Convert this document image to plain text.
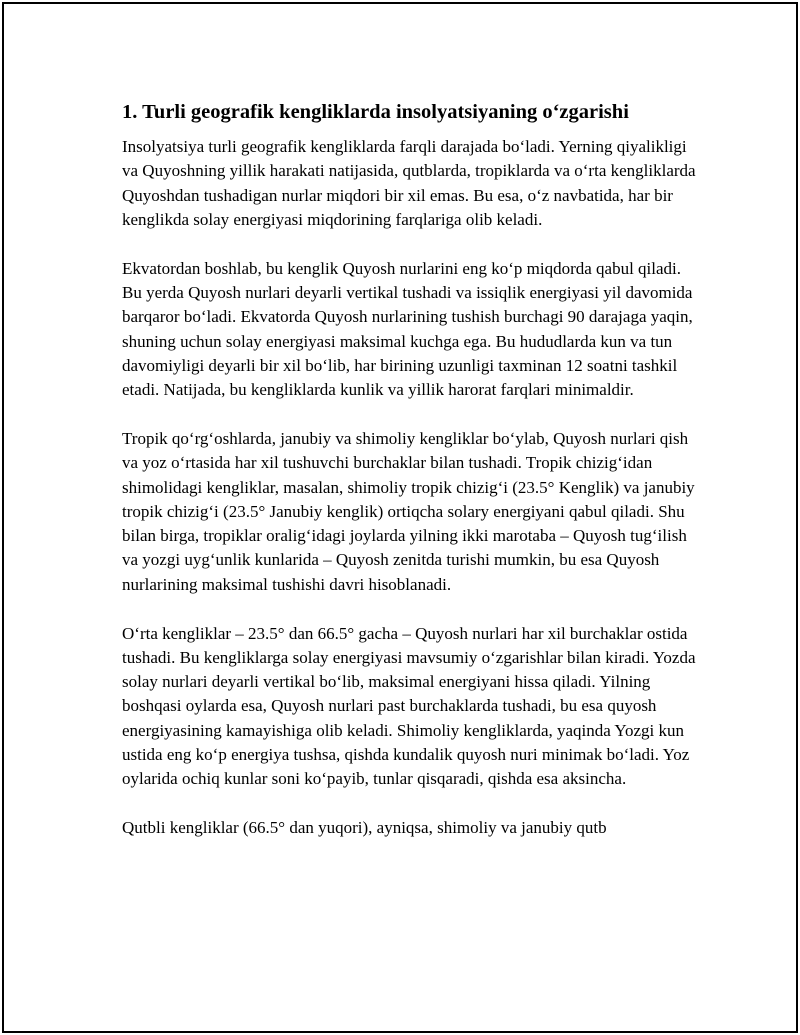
1. Turli geografik kengliklarda insolyatsiyaning o‘zgarishi

Insolyatsiya turli geografik kengliklarda farqli darajada bo‘ladi. Yerning qiyalikligi va Quyoshning yillik harakati natijasida, qutblarda, tropiklarda va o‘rta kengliklarda Quyoshdan tushadigan nurlar miqdori bir xil emas. Bu esa, o‘z navbatida, har bir kenglikda solay energiyasi miqdorining farqlariga olib keladi.

Ekvatordan boshlab, bu kenglik Quyosh nurlarini eng ko‘p miqdorda qabul qiladi. Bu yerda Quyosh nurlari deyarli vertikal tushadi va issiqlik energiyasi yil davomida barqaror bo‘ladi. Ekvatorda Quyosh nurlarining tushish burchagi 90 darajaga yaqin, shuning uchun solay energiyasi maksimal kuchga ega. Bu hududlarda kun va tun davomiyligi deyarli bir xil bo‘lib, har birining uzunligi taxminan 12 soatni tashkil etadi. Natijada, bu kengliklarda kunlik va yillik harorat farqlari minimaldir.

Tropik qo‘rg‘oshlarda, janubiy va shimoliy kengliklar bo‘ylab, Quyosh nurlari qish va yoz o‘rtasida har xil tushuvchi burchaklar bilan tushadi. Tropik chizig‘idan shimolidagi kengliklar, masalan, shimoliy tropik chizig‘i (23.5° Kenglik) va janubiy tropik chizig‘i (23.5° Janubiy kenglik) ortiqcha solary energiyani qabul qiladi. Shu bilan birga, tropiklar oralig‘idagi joylarda yilning ikki marotaba – Quyosh tug‘ilish va yozgi uyg‘unlik kunlarida – Quyosh zenitda turishi mumkin, bu esa Quyosh nurlarining maksimal tushishi davri hisoblanadi.

O‘rta kengliklar – 23.5° dan 66.5° gacha – Quyosh nurlari har xil burchaklar ostida tushadi. Bu kengliklarga solay energiyasi mavsumiy o‘zgarishlar bilan kiradi. Yozda solay nurlari deyarli vertikal bo‘lib, maksimal energiyani hissa qiladi. Yilning boshqasi oylarda esa, Quyosh nurlari past burchaklarda tushadi, bu esa quyosh energiyasining kamayishiga olib keladi. Shimoliy kengliklarda, yaqinda Yozgi kun ustida eng ko‘p energiya tushsa, qishda kundalik quyosh nuri minimak bo‘ladi. Yoz oylarida ochiq kunlar soni ko‘payib, tunlar qisqaradi, qishda esa aksincha.

Qutbli kengliklar (66.5° dan yuqori), ayniqsa, shimoliy va janubiy qutb
